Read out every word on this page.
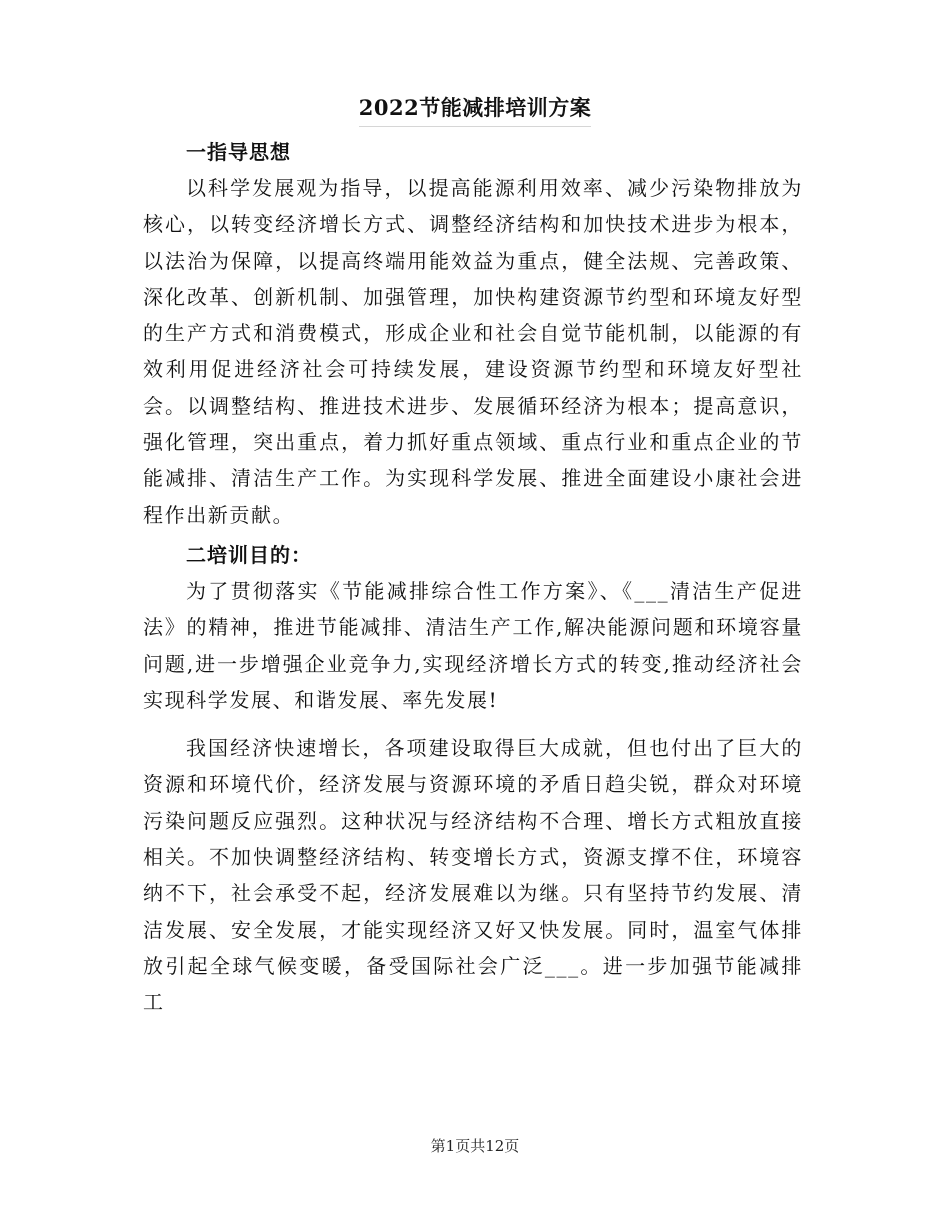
2022节能减排培训方案
一指导思想

以科学发展观为指导，以提高能源利用效率、减少污染物排放为核心，以转变经济增长方式、调整经济结构和加快技术进步为根本，以法治为保障，以提高终端用能效益为重点，健全法规、完善政策、深化改革、创新机制、加强管理，加快构建资源节约型和环境友好型的生产方式和消费模式，形成企业和社会自觉节能机制，以能源的有效利用促进经济社会可持续发展，建设资源节约型和环境友好型社会。以调整结构、推进技术进步、发展循环经济为根本；提高意识，强化管理，突出重点，着力抓好重点领域、重点行业和重点企业的节能减排、清洁生产工作。为实现科学发展、推进全面建设小康社会进程作出新贡献。

二培训目的：

为了贯彻落实《节能减排综合性工作方案》、《___清洁生产促进法》的精神，推进节能减排、清洁生产工作,解决能源问题和环境容量问题,进一步增强企业竞争力,实现经济增长方式的转变,推动经济社会实现科学发展、和谐发展、率先发展!

我国经济快速增长，各项建设取得巨大成就，但也付出了巨大的资源和环境代价，经济发展与资源环境的矛盾日趋尖锐，群众对环境污染问题反应强烈。这种状况与经济结构不合理、增长方式粗放直接相关。不加快调整经济结构、转变增长方式，资源支撑不住，环境容纳不下，社会承受不起，经济发展难以为继。只有坚持节约发展、清洁发展、安全发展，才能实现经济又好又快发展。同时，温室气体排放引起全球气候变暖，备受国际社会广泛___。进一步加强节能减排工

第1页共12页
